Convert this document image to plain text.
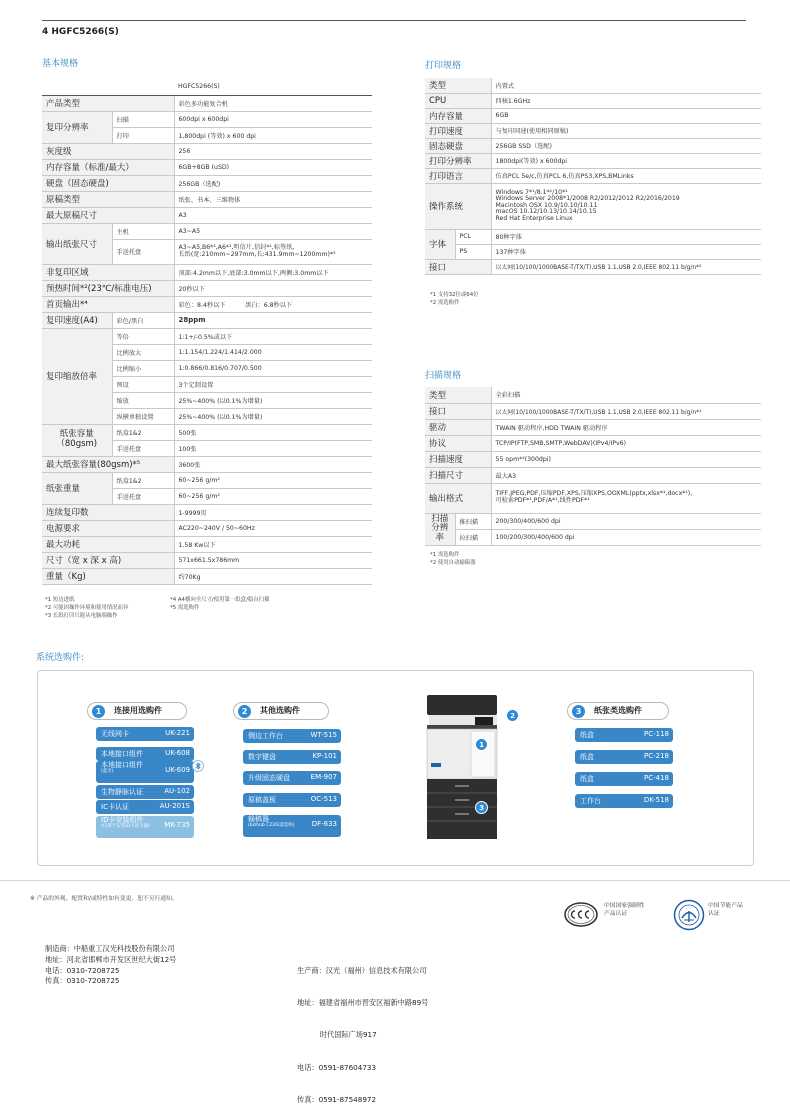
4 HGFC5266(S)
基本规格
		HGFC5266(S)
产品类型		彩色多功能复合机
复印分辨率	扫描	600dpi x 600dpi
	打印	1,800dpi (等效) x 600 dpi
灰度级		256
内存容量（标准/最大）		6GB+8GB (uSD)
硬盘（固态硬盘)		256GB（选配)
原稿类型		纸张、书本、三维物体
最大原稿尺寸		A3
输出纸张尺寸	主机	A3~A5
	手送托盘	A3~A5,B6*¹,A6*¹,明信片,信封*¹,标签纸,
长纸(宽:210mm~297mm,长:431.9mm~1200mm)*³
非复印区域		顶部:4.2mm以下,底部:3.0mm以下,两侧:3.0mm以下
预热时间*²(23℃/标准电压)		20秒以下
首页输出*⁴		彩色：8.4秒以下          黑白：6.8秒以下
复印速度(A4)	彩色/黑白	28ppm
复印缩放倍率	等倍	1:1+/-0.5%或以下
	比例放大	1:1.154/1.224/1.414/2.000
	比例缩小	1:0.866/0.816/0.707/0.500
	预设	3个定制设置
	缩放	25%~400% (以0.1%为增量)
	纵横单独设置	25%~400% (以0.1%为增量)
纸张容量
（80gsm)	纸盒1&2	500张
	手送托盘	100张
最大纸张容量(80gsm)*⁵		3600张
纸张重量	纸盒1&2	60~256 g/m²
	手送托盘	60~256 g/m²
连续复印数		1-9999页
电源要求		AC220~240V / 50~60Hz
最大功耗		1.58 Kw以下
尺寸（宽 x 深 x 高)		571x661.5x786mm
重量（Kg)		约70Kg
*1 短边进纸
*2 可能因操作环境和使用情况而异
*3 长纸打印只能从电脑端操作
*4 A4横向全尺寸/使用第一纸盒/稳台扫描
*5 需选购件
打印规格
类型		内置式
CPU		四核1.6GHz
内存容量		6GB
打印速度		与复印同速(使用相同原稿)
固态硬盘		256GB SSD（选配)
打印分辨率		1800dpi(等效) x 600dpi
打印语言		仿真PCL 5e/c,仿真PCL 6,仿真PS3,XPS,BMLinks
操作系统		Windows 7*¹/8.1*¹/10*¹
Windows Server 2008*1/2008 R2/2012/2012 R2/2016/2019
Macintosh OSX 10.9/10.10/10.11
macOS 10.12/10.13/10.14/10.15
Red Hat Enterprise Linux
字体	PCL	80种字体
	PS	137种字体
接口		以太网(10/100/1000BASE-T/TX/T),USB 1.1,USB 2.0,IEEE 802.11 b/g/n*²
*1 支持32位或64位
*2 需选购件
扫描规格
类型		全彩扫描
接口		以太网(10/100/1000BASE-T/TX/T),USB 1.1,USB 2.0,IEEE 802.11 b/g/n*¹
驱动		TWAIN 驱动程序,HDD TWAIN 驱动程序
协议		TCP/IP(FTP,SMB,SMTP,WebDAV)(IPv4/IPv6)
扫描速度		55 opm*²(300dpi)
扫描尺寸		最大A3
输出格式		TIFF,JPEG,PDF,压缩PDF,XPS,压缩XPS,OOXML(pptx,xlsx*¹,docx*¹),
可检索PDF*¹,PDF/A*¹,线性PDF*¹
扫描
分辨率	推扫描	200/300/400/600 dpi
	拉扫描	100/200/300/400/600 dpi
*1 需选购件
*2 使用自动输稿器
系统选购件:
1	连接用选购件
无线网卡	UK-221
本地接口组件	UK-608
本地接口组件
(蓝牙)	UK-609
生物静脉认证	AU-102
IC卡认证	AU-201S
ID卡安装组件
(仅用于安装ID卡读卡器) MK-735
2	其他选购件
侧边工作台	WT-515
数字键盘	KP-101
升级固态硬盘	EM-907
原稿盖板	OC-513
输稿器
(bizhub C226i需选购) DF-633
1
2
3
3	纸张类选购件
纸盒	PC-118
纸盒	PC-218
纸盒	PC-418
工作台	DK-518
※ 产品的外观、配置和/或特性如有变更，恕不另行通知。
中国国家强制性
产品认证
中国节能产品
认证
制造商：中船重工汉光科技股份有限公司
地址：河北省邯郸市开发区世纪大街12号
电话：0310-7208725
传真：0310-7208725

生产商：汉光（福州）信息技术有限公司

地址：福建省福州市晋安区福新中路89号

时代国际广场917

电话：0591-87604733

传真：0591-87548972
